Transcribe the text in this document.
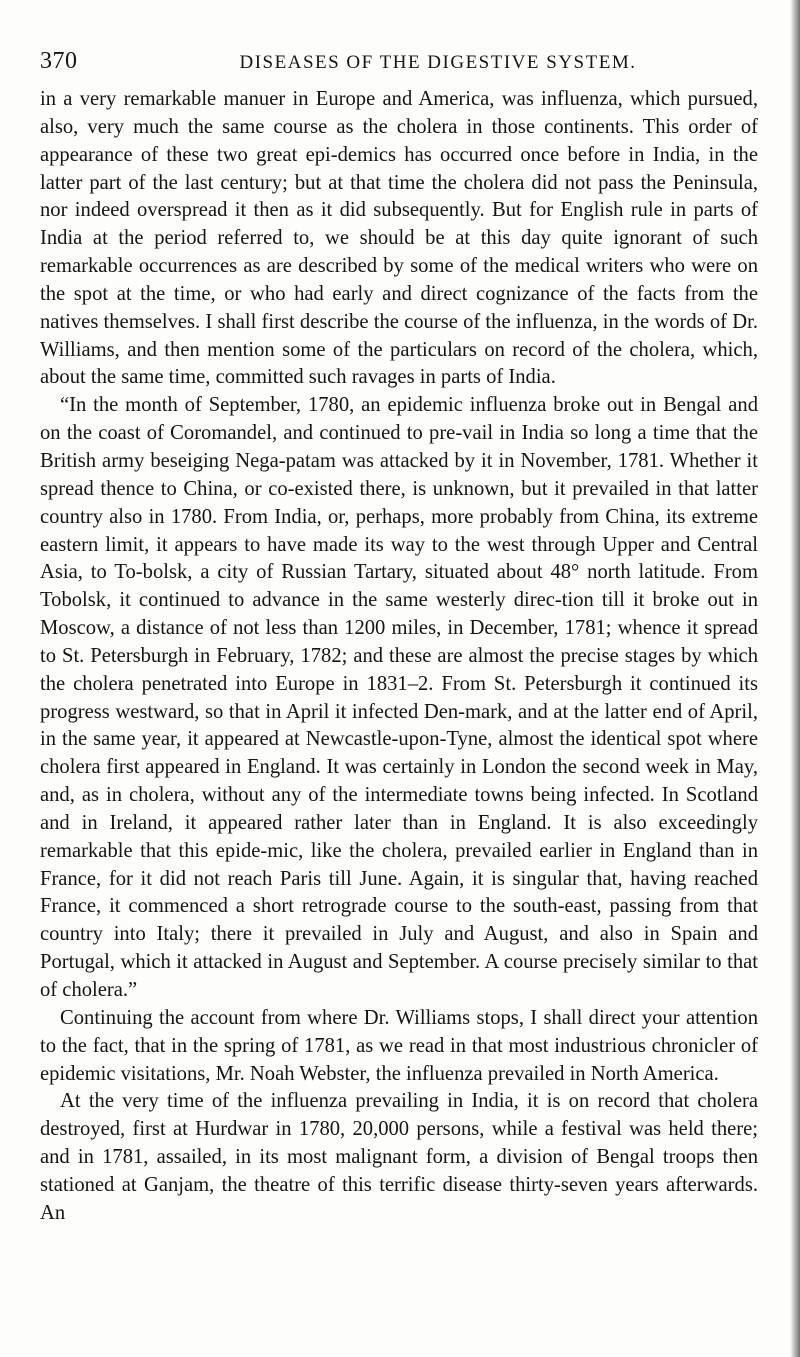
370	DISEASES OF THE DIGESTIVE SYSTEM.

in a very remarkable manuer in Europe and America, was influenza, which pursued, also, very much the same course as the cholera in those continents. This order of appearance of these two great epi-demics has occurred once before in India, in the latter part of the last century; but at that time the cholera did not pass the Peninsula, nor indeed overspread it then as it did subsequently. But for English rule in parts of India at the period referred to, we should be at this day quite ignorant of such remarkable occurrences as are described by some of the medical writers who were on the spot at the time, or who had early and direct cognizance of the facts from the natives themselves. I shall first describe the course of the influenza, in the words of Dr. Williams, and then mention some of the particulars on record of the cholera, which, about the same time, committed such ravages in parts of India.

“In the month of September, 1780, an epidemic influenza broke out in Bengal and on the coast of Coromandel, and continued to pre-vail in India so long a time that the British army beseiging Nega-patam was attacked by it in November, 1781. Whether it spread thence to China, or co-existed there, is unknown, but it prevailed in that latter country also in 1780. From India, or, perhaps, more probably from China, its extreme eastern limit, it appears to have made its way to the west through Upper and Central Asia, to To-bolsk, a city of Russian Tartary, situated about 48° north latitude. From Tobolsk, it continued to advance in the same westerly direc-tion till it broke out in Moscow, a distance of not less than 1200 miles, in December, 1781; whence it spread to St. Petersburgh in February, 1782; and these are almost the precise stages by which the cholera penetrated into Europe in 1831–2. From St. Petersburgh it continued its progress westward, so that in April it infected Den-mark, and at the latter end of April, in the same year, it appeared at Newcastle-upon-Tyne, almost the identical spot where cholera first appeared in England. It was certainly in London the second week in May, and, as in cholera, without any of the intermediate towns being infected. In Scotland and in Ireland, it appeared rather later than in England. It is also exceedingly remarkable that this epide-mic, like the cholera, prevailed earlier in England than in France, for it did not reach Paris till June. Again, it is singular that, having reached France, it commenced a short retrograde course to the south-east, passing from that country into Italy; there it prevailed in July and August, and also in Spain and Portugal, which it attacked in August and September. A course precisely similar to that of cholera.”

Continuing the account from where Dr. Williams stops, I shall direct your attention to the fact, that in the spring of 1781, as we read in that most industrious chronicler of epidemic visitations, Mr. Noah Webster, the influenza prevailed in North America.

At the very time of the influenza prevailing in India, it is on record that cholera destroyed, first at Hurdwar in 1780, 20,000 persons, while a festival was held there; and in 1781, assailed, in its most malignant form, a division of Bengal troops then stationed at Ganjam, the theatre of this terrific disease thirty-seven years afterwards. An
